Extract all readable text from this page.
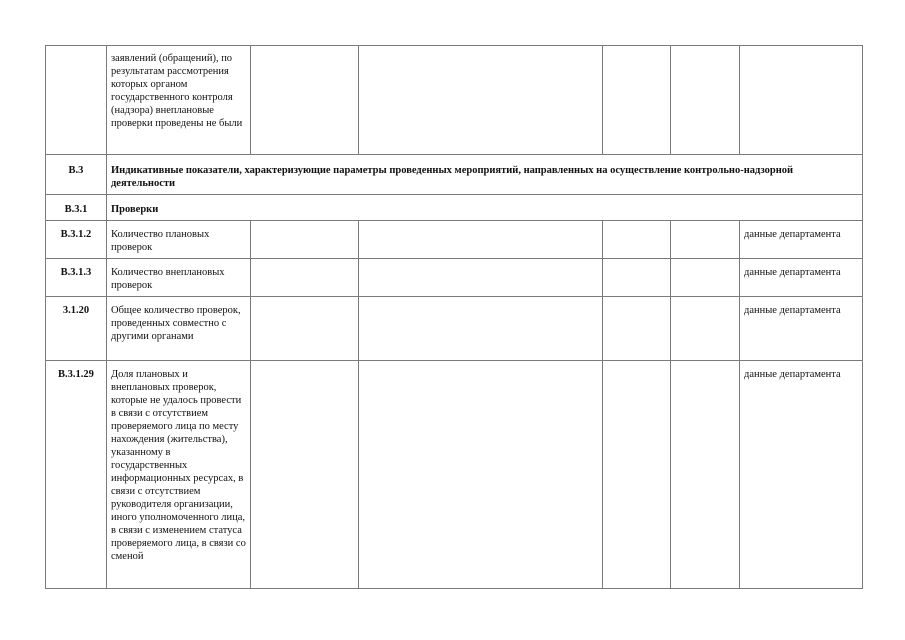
	заявлений (обращений), по результатам рассмотрения которых органом государственного контроля (надзора) внеплановые проверки проведены не были					
В.3	Индикативные показатели, характеризующие параметры проведенных мероприятий, направленных на осуществление контрольно-надзорной деятельности					
В.3.1	Проверки					
В.3.1.2	Количество плановых проверок					данные департамента
В.3.1.3	Количество внеплановых проверок					данные департамента
3.1.20	Общее количество проверок, проведенных совместно с другими органами					данные департамента
В.3.1.29	Доля плановых и внеплановых проверок, которые не удалось провести в связи с отсутствием проверяемого лица по месту нахождения (жительства), указанному в государственных информационных ресурсах, в связи с отсутствием руководителя организации, иного уполномоченного лица, в связи с изменением статуса проверяемого лица, в связи со сменой					данные департамента
